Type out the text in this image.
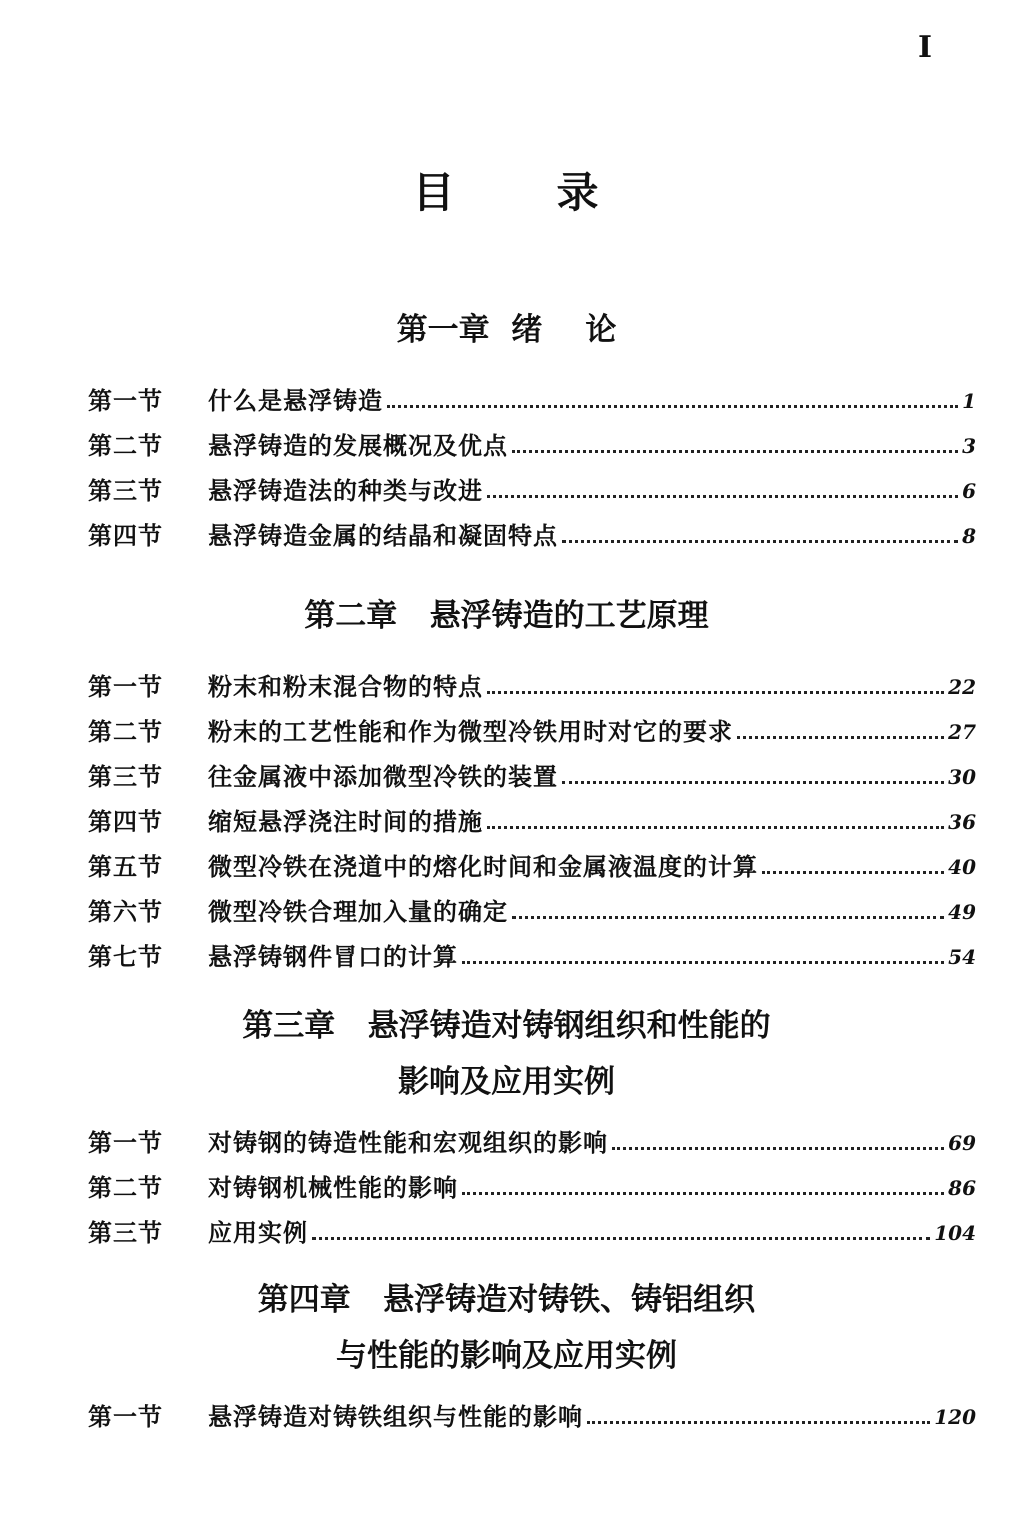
I
目 录
第一章  绪    论
第一节	什么是悬浮铸造	1
第二节	悬浮铸造的发展概况及优点	3
第三节	悬浮铸造法的种类与改进	6
第四节	悬浮铸造金属的结晶和凝固特点	8
第二章   悬浮铸造的工艺原理
第一节	粉末和粉末混合物的特点	22
第二节	粉末的工艺性能和作为微型冷铁用时对它的要求	27
第三节	往金属液中添加微型冷铁的装置	30
第四节	缩短悬浮浇注时间的措施	36
第五节	微型冷铁在浇道中的熔化时间和金属液温度的计算	40
第六节	微型冷铁合理加入量的确定	49
第七节	悬浮铸钢件冒口的计算	54
第三章   悬浮铸造对铸钢组织和性能的
影响及应用实例
第一节	对铸钢的铸造性能和宏观组织的影响	69
第二节	对铸钢机械性能的影响	86
第三节	应用实例	104
第四章   悬浮铸造对铸铁、铸铝组织
与性能的影响及应用实例
第一节	悬浮铸造对铸铁组织与性能的影响	120
